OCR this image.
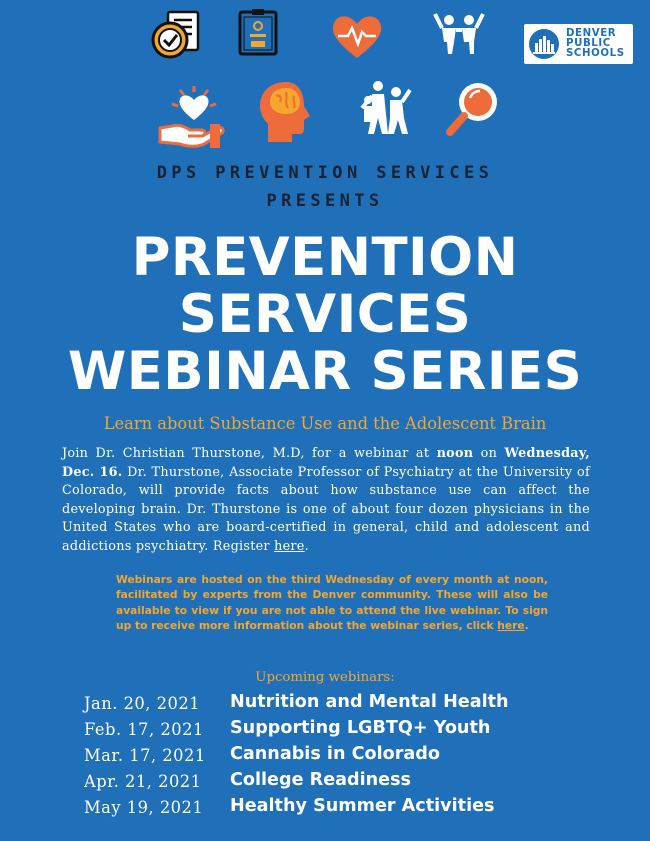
DENVER
PUBLIC
SCHOOLS
DPS PREVENTION SERVICES
PRESENTS
PREVENTION
SERVICES
WEBINAR SERIES
Learn about Substance Use and the Adolescent Brain
Join Dr. Christian Thurstone, M.D, for a webinar at noon on Wednesday, Dec. 16. Dr. Thurstone, Associate Professor of Psychiatry at the University of Colorado, will provide facts about how substance use can affect the developing brain. Dr. Thurstone is one of about four dozen physicians in the United States who are board-certified in general, child and adolescent and addictions psychiatry. Register here.
Webinars are hosted on the third Wednesday of every month at noon, facilitated by experts from the Denver community. These will also be available to view if you are not able to attend the live webinar. To sign up to receive more information about the webinar series, click here.
Upcoming webinars:
Jan. 20, 2021 Nutrition and Mental Health
Feb. 17, 2021 Supporting LGBTQ+ Youth
Mar. 17, 2021 Cannabis in Colorado
Apr. 21, 2021 College Readiness
May 19, 2021 Healthy Summer Activities
